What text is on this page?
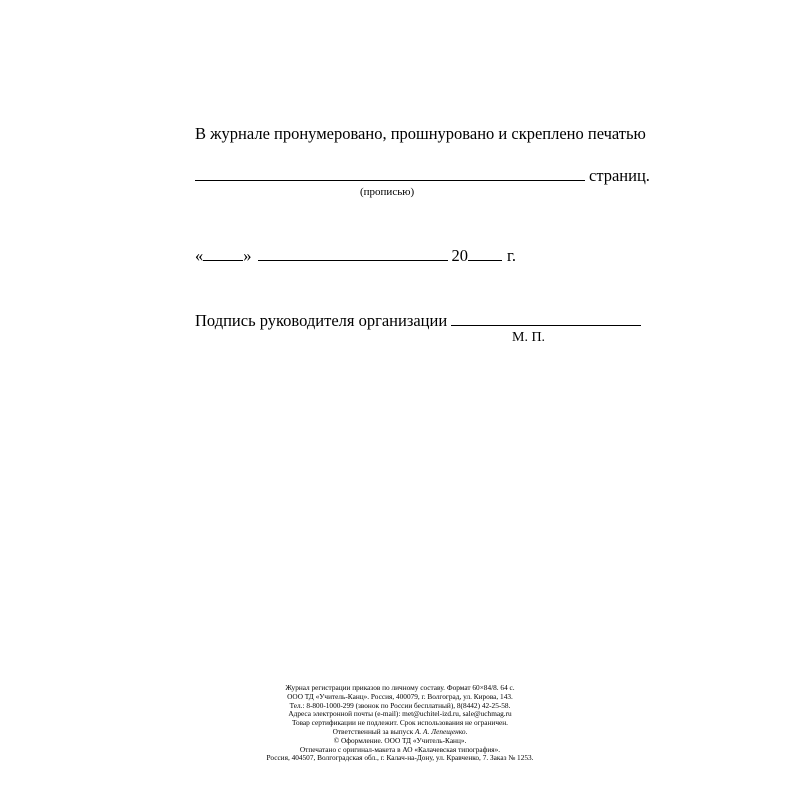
В журнале пронумеровано, прошнуровано и скреплено печатью
страниц.
(прописью)
« »	20 г.
Подпись руководителя организации
М. П.
Журнал регистрации приказов по личному составу. Формат 60×84/8. 64 с.
ООО ТД «Учитель-Канц». Россия, 400079, г. Волгоград, ул. Кирова, 143.
Тел.: 8-800-1000-299 (звонок по России бесплатный), 8(8442) 42-25-58.
Адреса электронной почты (e-mail): met@uchitel-izd.ru, sale@uchmag.ru
Товар сертификации не подлежит. Срок использования не ограничен.
Ответственный за выпуск А. А. Лепещенко.
© Оформление. ООО ТД «Учитель-Канц».
Отпечатано с оригинал-макета в АО «Калачевская типография».
Россия, 404507, Волгоградская обл., г. Калач-на-Дону, ул. Кравченко, 7. Заказ № 1253.
